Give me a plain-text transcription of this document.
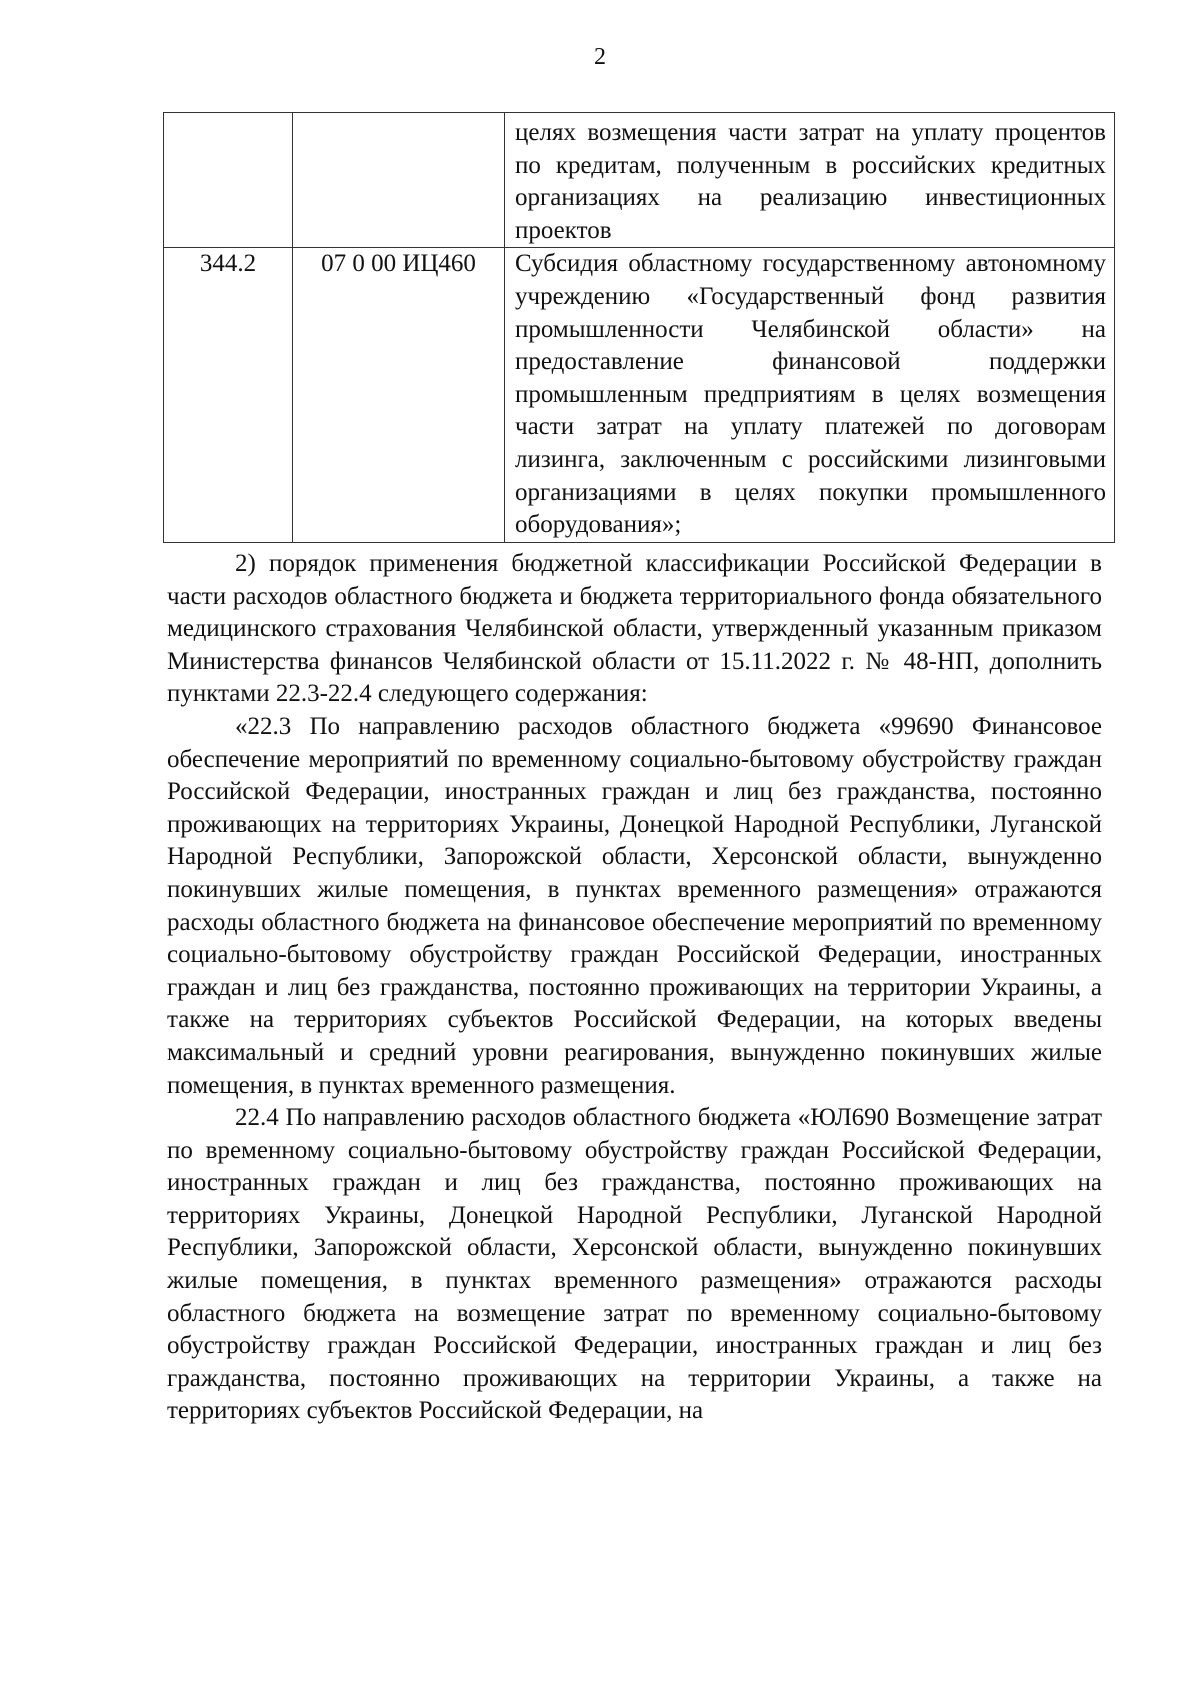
2
		целях возмещения части затрат на уплату процентов по кредитам, полученным в российских кредитных организациях на реализацию инвестиционных проектов
344.2	07 0 00 ИЦ460	Субсидия областному государственному автономному учреждению «Государственный фонд развития промышленности Челябинской области» на предоставление финансовой поддержки промышленным предприятиям в целях возмещения части затрат на уплату платежей по договорам лизинга, заключенным с российскими лизинговыми организациями в целях покупки промышленного оборудования»;

2) порядок применения бюджетной классификации Российской Федерации в части расходов областного бюджета и бюджета территориального фонда обязательного медицинского страхования Челябинской области, утвержденный указанным приказом Министерства финансов Челябинской области от 15.11.2022 г. № 48-НП, дополнить пунктами 22.3-22.4 следующего содержания:

«22.3 По направлению расходов областного бюджета «99690 Финансовое обеспечение мероприятий по временному социально-бытовому обустройству граждан Российской Федерации, иностранных граждан и лиц без гражданства, постоянно проживающих на территориях Украины, Донецкой Народной Республики, Луганской Народной Республики, Запорожской области, Херсонской области, вынужденно покинувших жилые помещения, в пунктах временного размещения» отражаются расходы областного бюджета на финансовое обеспечение мероприятий по временному социально-бытовому обустройству граждан Российской Федерации, иностранных граждан и лиц без гражданства, постоянно проживающих на территории Украины, а также на территориях субъектов Российской Федерации, на которых введены максимальный и средний уровни реагирования, вынужденно покинувших жилые помещения, в пунктах временного размещения.

22.4 По направлению расходов областного бюджета «ЮЛ690 Возмещение затрат по временному социально-бытовому обустройству граждан Российской Федерации, иностранных граждан и лиц без гражданства, постоянно проживающих на территориях Украины, Донецкой Народной Республики, Луганской Народной Республики, Запорожской области, Херсонской области, вынужденно покинувших жилые помещения, в пунктах временного размещения» отражаются расходы областного бюджета на возмещение затрат по временному социально-бытовому обустройству граждан Российской Федерации, иностранных граждан и лиц без гражданства, постоянно проживающих на территории Украины, а также на территориях субъектов Российской Федерации, на
